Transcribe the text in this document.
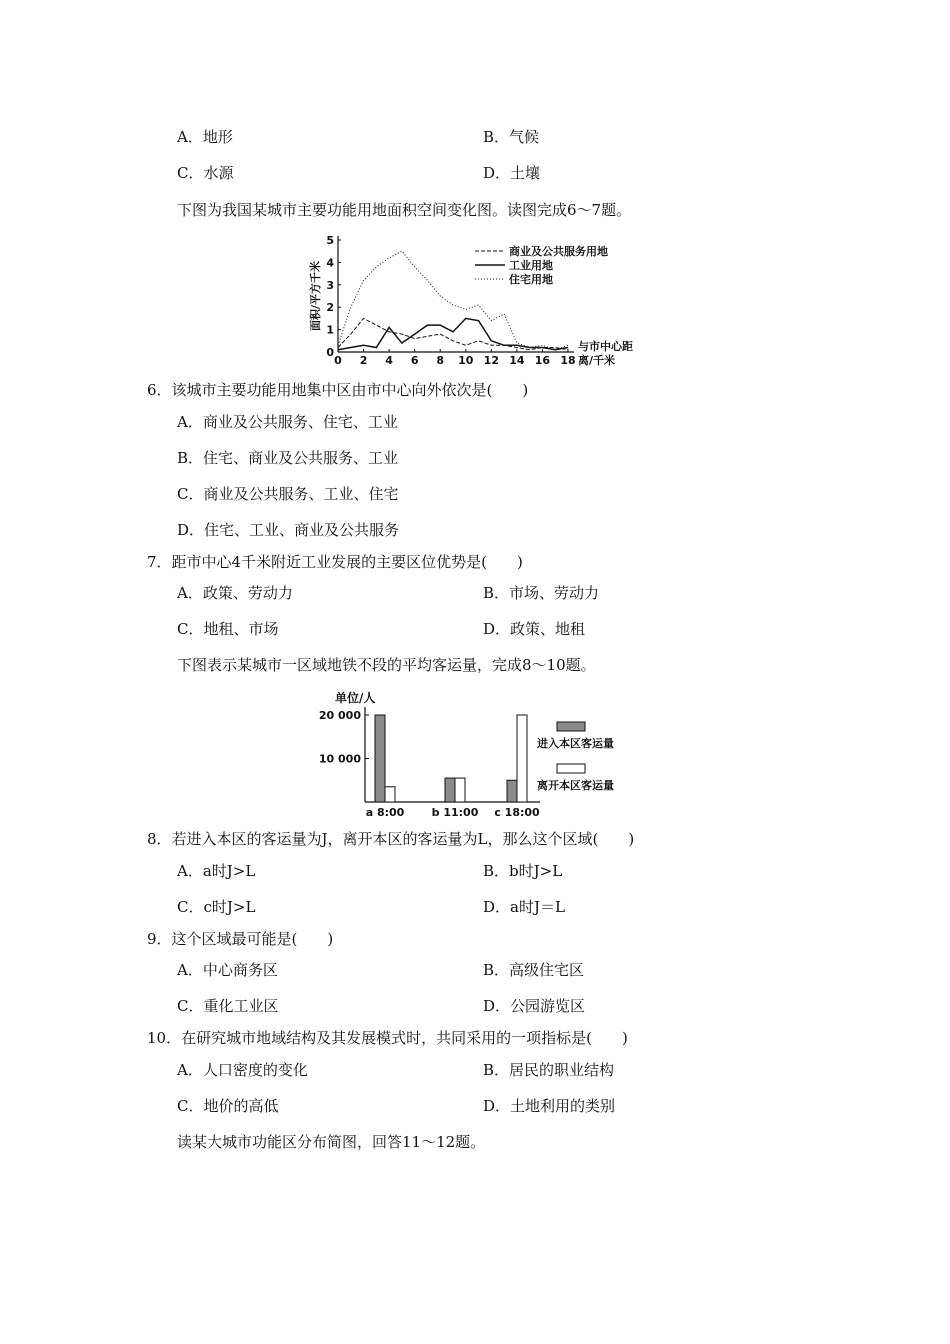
A．地形	B．气候
C．水源	D．土壤
下图为我国某城市主要功能用地面积空间变化图。读图完成6～7题。
0
1
2
3
4
5
0 2 4 6 8 10 12 14 16 18
面积/平方千米
与市中心距
离/千米
商业及公共服务用地
工业用地
住宅用地
6．该城市主要功能用地集中区由市中心向外依次是(　　)
A．商业及公共服务、住宅、工业
B．住宅、商业及公共服务、工业
C．商业及公共服务、工业、住宅
D．住宅、工业、商业及公共服务
7．距市中心4千米附近工业发展的主要区位优势是(　　)
A．政策、劳动力	B．市场、劳动力
C．地租、市场	D．政策、地租
下图表示某城市一区域地铁不段的平均客运量，完成8～10题。
单位/人
10 000
20 000
a 8:00 b 11:00 c 18:00
进入本区客运量
离开本区客运量
8．若进入本区的客运量为J，离开本区的客运量为L，那么这个区域(　　)
A．a时J>L	B．b时J>L
C．c时J>L	D．a时J＝L
9．这个区域最可能是(　　)
A．中心商务区	B．高级住宅区
C．重化工业区	D．公园游览区
10．在研究城市地域结构及其发展模式时，共同采用的一项指标是(　　)
A．人口密度的变化	B．居民的职业结构
C．地价的高低	D．土地利用的类别
读某大城市功能区分布简图，回答11～12题。
